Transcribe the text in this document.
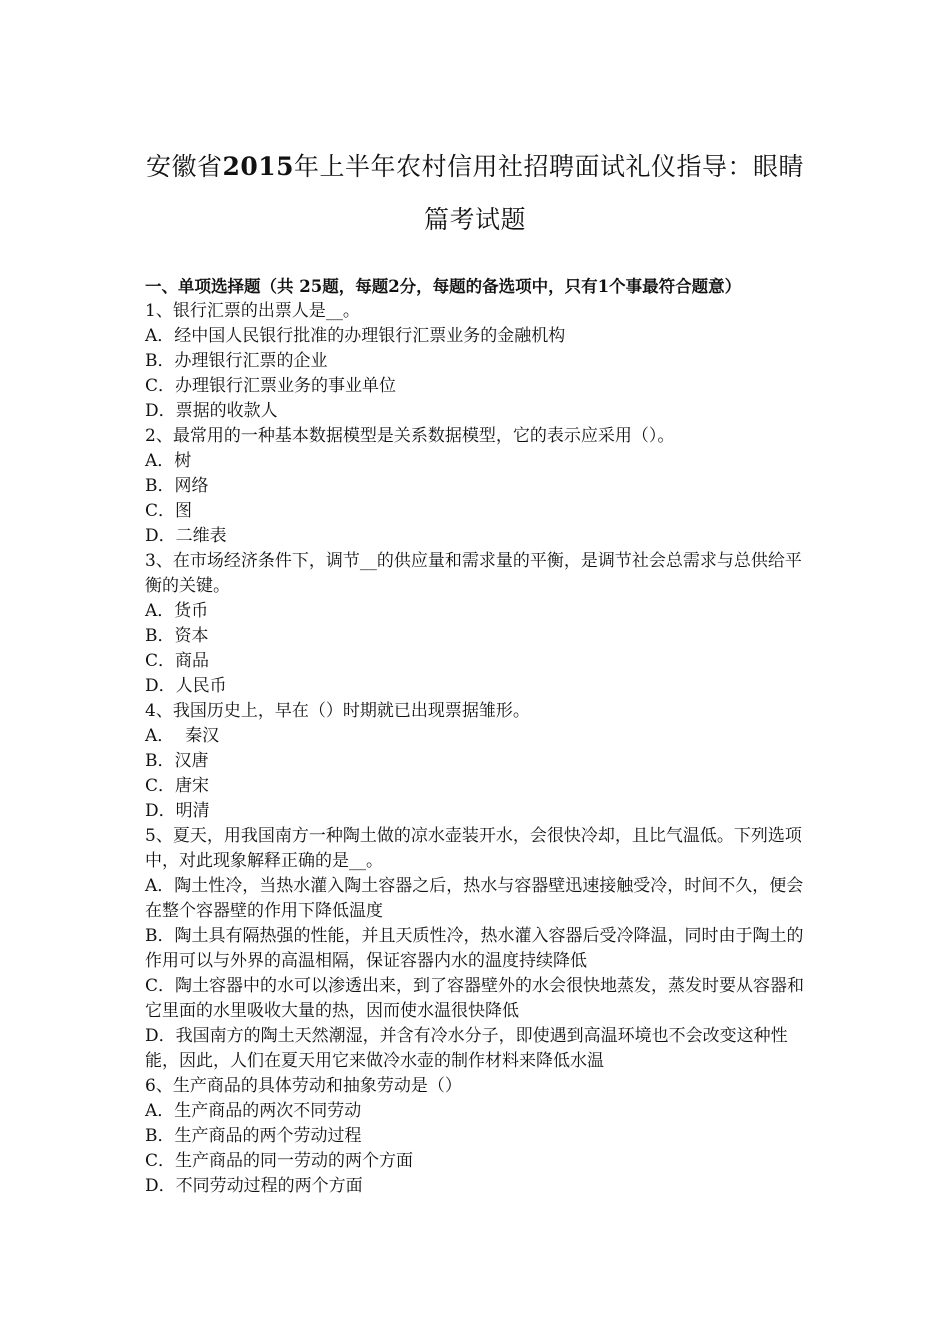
安徽省2015年上半年农村信用社招聘面试礼仪指导：眼睛
篇考试题

一、单项选择题（共 25题，每题2分，每题的备选项中，只有1个事最符合题意）

1、银行汇票的出票人是__。

A．经中国人民银行批准的办理银行汇票业务的金融机构

B．办理银行汇票的企业

C．办理银行汇票业务的事业单位

D．票据的收款人

2、最常用的一种基本数据模型是关系数据模型，它的表示应采用（）。

A．树

B．网络

C．图

D．二维表

3、在市场经济条件下，调节__的供应量和需求量的平衡，是调节社会总需求与总供给平衡的关键。

A．货币

B．资本

C．商品

D．人民币

4、我国历史上，早在（）时期就已出现票据雏形。

A．  秦汉

B．汉唐

C．唐宋

D．明清

5、夏天，用我国南方一种陶土做的凉水壶装开水，会很快冷却，且比气温低。下列选项中，对此现象解释正确的是__。

A．陶土性冷，当热水灌入陶土容器之后，热水与容器壁迅速接触受冷，时间不久，便会在整个容器壁的作用下降低温度

B．陶土具有隔热强的性能，并且天质性冷，热水灌入容器后受冷降温，同时由于陶土的作用可以与外界的高温相隔，保证容器内水的温度持续降低

C．陶土容器中的水可以渗透出来，到了容器壁外的水会很快地蒸发，蒸发时要从容器和它里面的水里吸收大量的热，因而使水温很快降低

D．我国南方的陶土天然潮湿，并含有冷水分子，即使遇到高温环境也不会改变这种性能，因此，人们在夏天用它来做冷水壶的制作材料来降低水温

6、生产商品的具体劳动和抽象劳动是（）

A．生产商品的两次不同劳动

B．生产商品的两个劳动过程

C．生产商品的同一劳动的两个方面

D．不同劳动过程的两个方面
